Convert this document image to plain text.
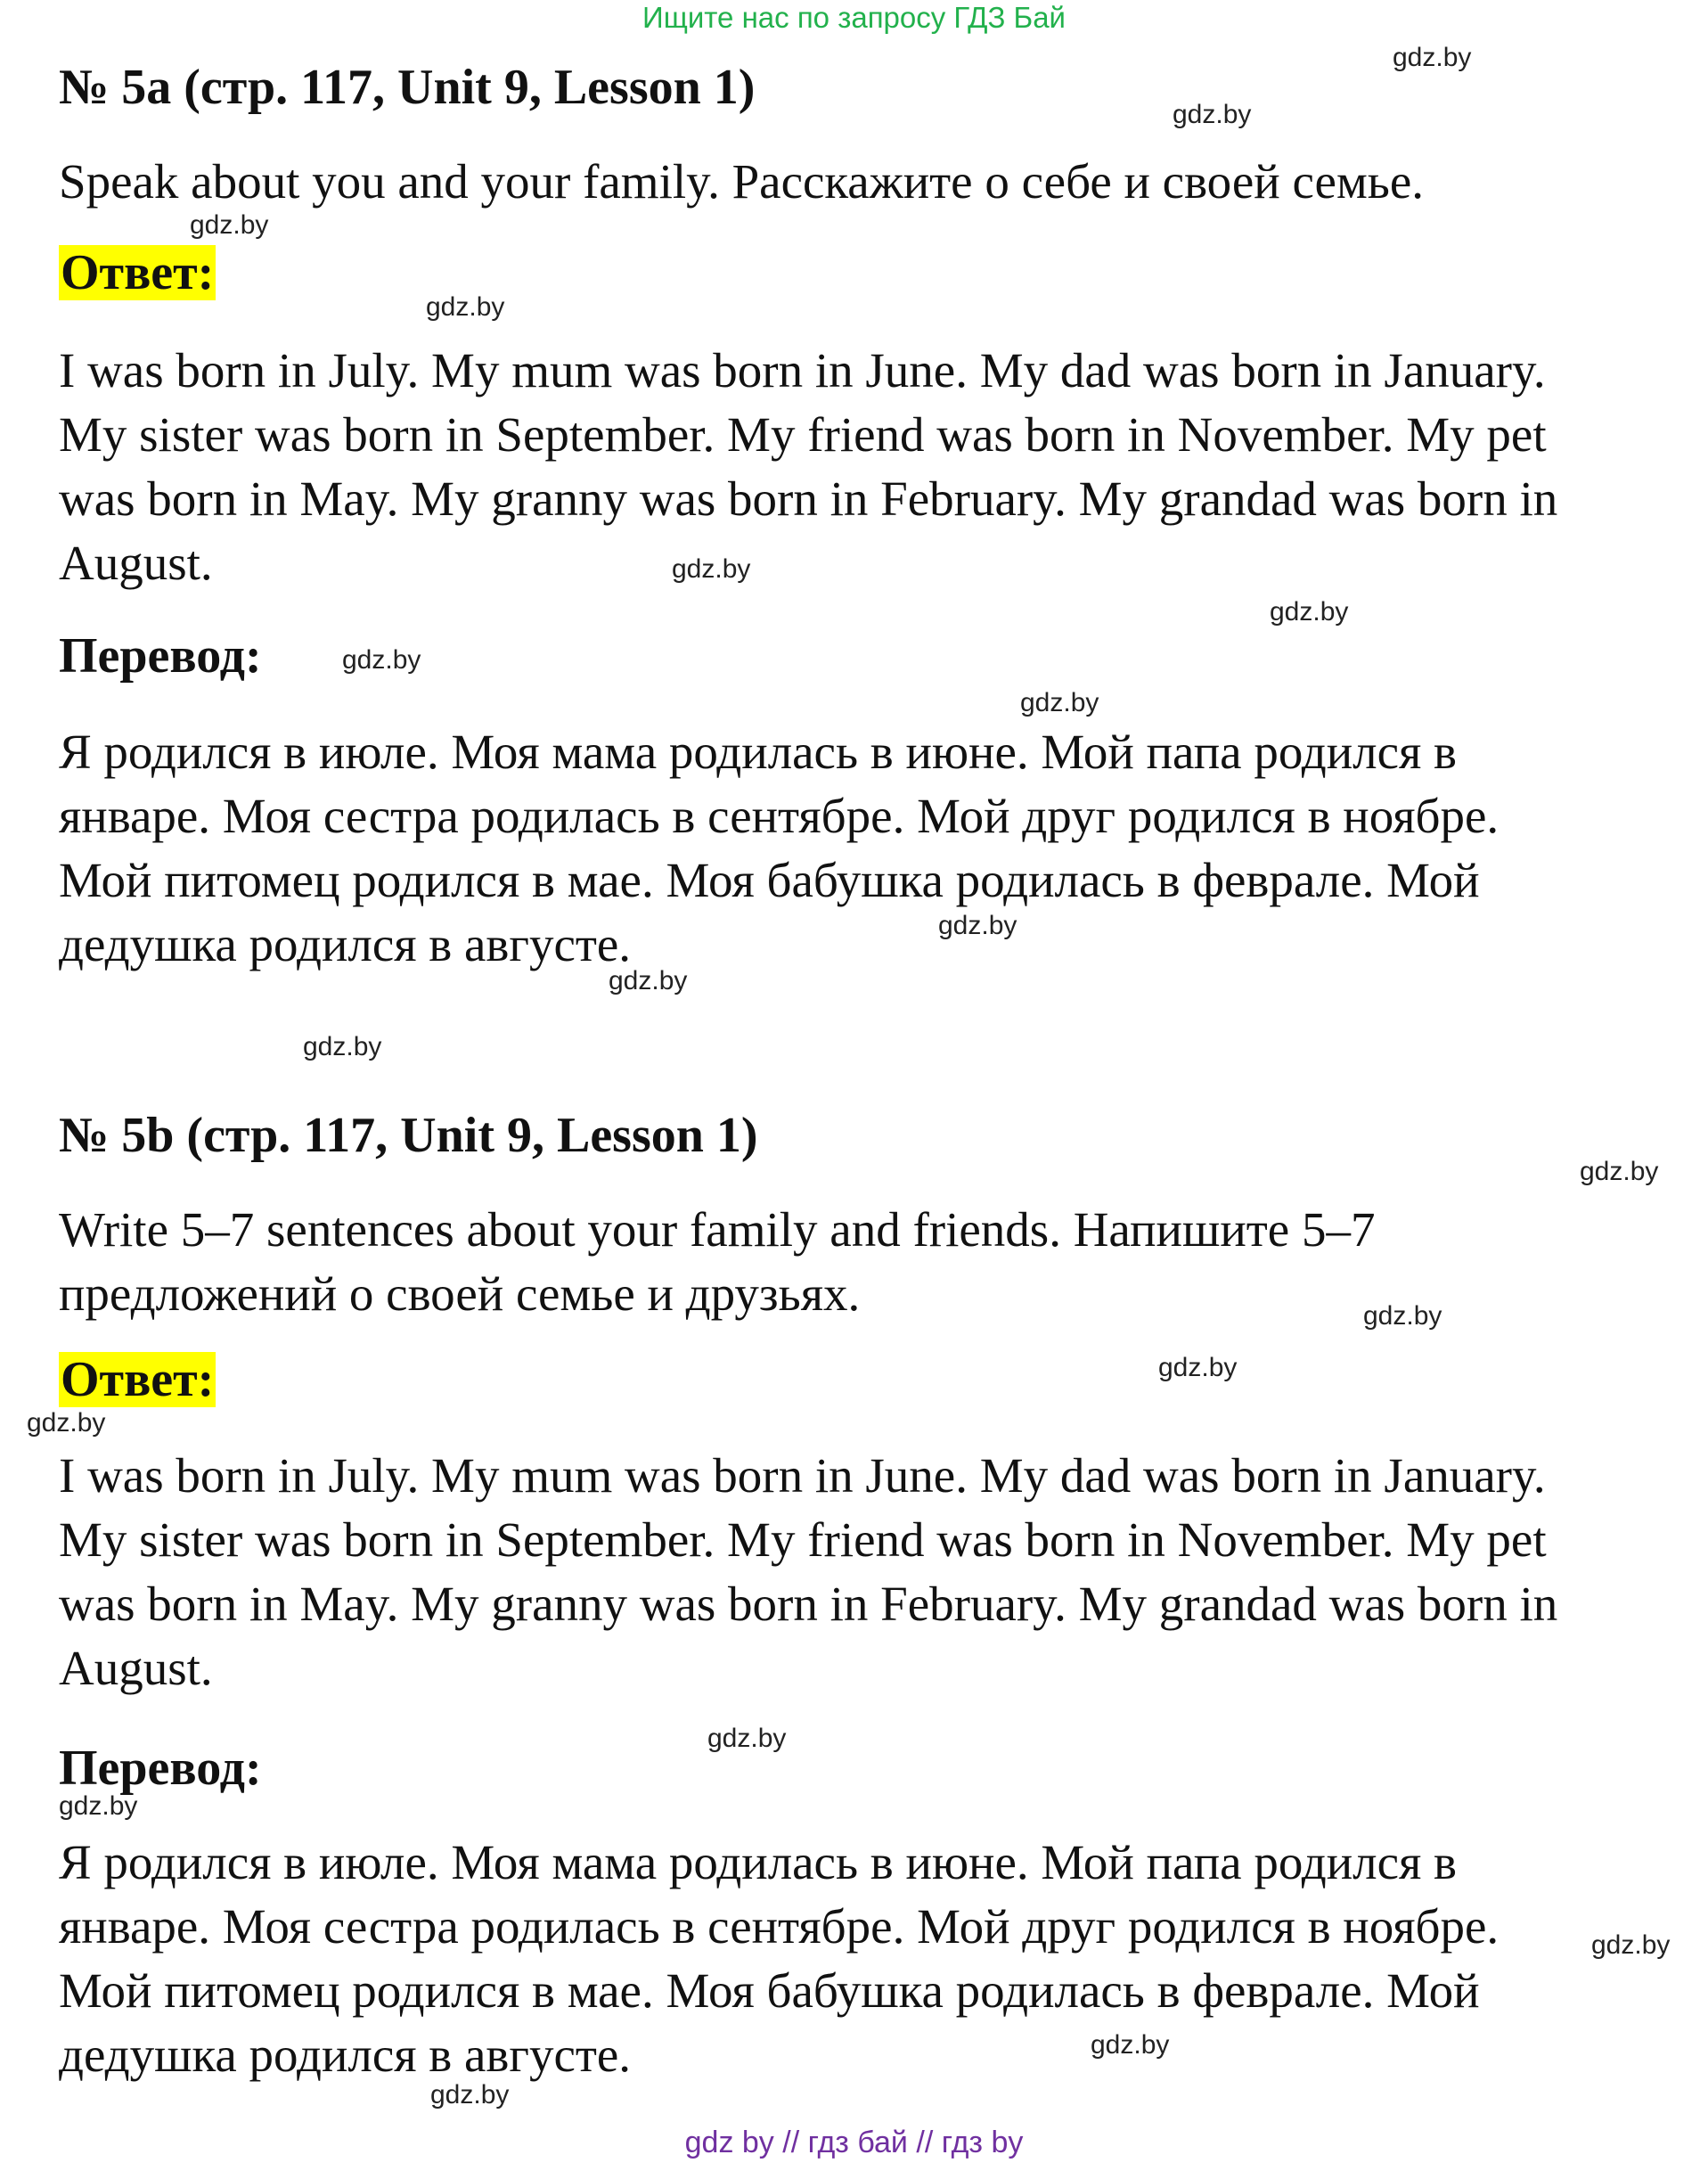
Ищите нас по запросу ГДЗ Бай
№ 5a (стр. 117, Unit 9, Lesson 1)

Speak about you and your family. Расскажите о себе и своей семье.

Ответ:

I was born in July. My mum was born in June. My dad was born in January.
My sister was born in September. My friend was born in November. My pet
was born in May. My granny was born in February. My grandad was born in
August.

Перевод:

Я родился в июле. Моя мама родилась в июне. Мой папа родился в
январе. Моя сестра родилась в сентябре. Мой друг родился в ноябре.
Мой питомец родился в мае. Моя бабушка родилась в феврале. Мой
дедушка родился в августе.

№ 5b (стр. 117, Unit 9, Lesson 1)

Write 5–7 sentences about your family and friends. Напишите 5–7
предложений о своей семье и друзьях.

Ответ:

I was born in July. My mum was born in June. My dad was born in January.
My sister was born in September. My friend was born in November. My pet
was born in May. My granny was born in February. My grandad was born in
August.

Перевод:

Я родился в июле. Моя мама родилась в июне. Мой папа родился в
январе. Моя сестра родилась в сентябре. Мой друг родился в ноябре.
Мой питомец родился в мае. Моя бабушка родилась в феврале. Мой
дедушка родился в августе.

gdz.by
gdz.by
gdz.by
gdz.by
gdz.by
gdz.by
gdz.by
gdz.by
gdz.by
gdz.by
gdz.by
gdz.by
gdz.by
gdz.by
gdz.by
gdz.by
gdz.by
gdz.by
gdz.by
gdz.by
gdz by // гдз бай // гдз by
